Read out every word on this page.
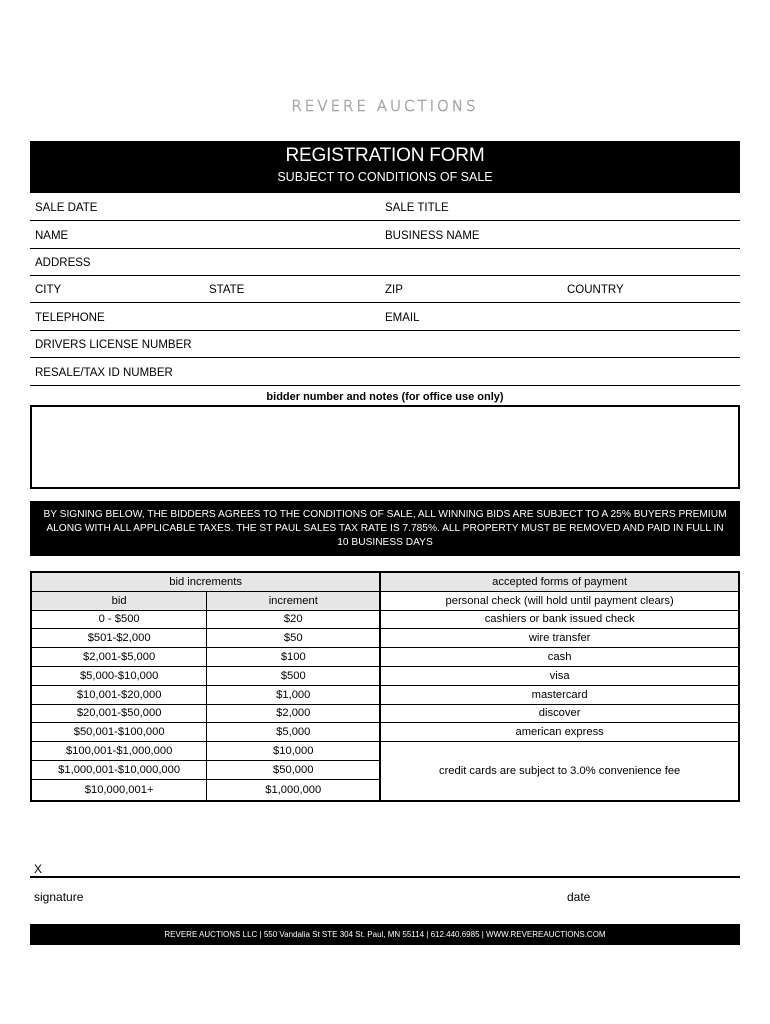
REVERE AUCTIONS
REGISTRATION FORM
SUBJECT TO CONDITIONS OF SALE
SALE DATE	SALE TITLE
NAME	BUSINESS NAME
ADDRESS
CITY	STATE	ZIP	COUNTRY
TELEPHONE	EMAIL
DRIVERS LICENSE NUMBER
RESALE/TAX ID NUMBER
bidder number and notes (for office use only)
BY SIGNING BELOW, THE BIDDERS AGREES TO THE CONDITIONS OF SALE, ALL WINNING BIDS ARE SUBJECT TO A 25% BUYERS PREMIUM ALONG WITH ALL APPLICABLE TAXES. THE ST PAUL SALES TAX RATE IS 7.785%. ALL PROPERTY MUST BE REMOVED AND PAID IN FULL IN 10 BUSINESS DAYS
bid increments		accepted forms of payment
bid	increment	personal check (will hold until payment clears)
0 - $500	$20	cashiers or bank issued check
$501-$2,000	$50	wire transfer
$2,001-$5,000	$100	cash
$5,000-$10,000	$500	visa
$10,001-$20,000	$1,000	mastercard
$20,001-$50,000	$2,000	discover
$50,001-$100,000	$5,000	american express
$100,001-$1,000,000	$10,000	credit cards are subject to 3.0% convenience fee
$1,000,001-$10,000,000	$50,000	
$10,000,001+	$1,000,000	
X
signature	date
REVERE AUCTIONS LLC | 550 Vandalia St STE 304 St. Paul, MN 55114 | 612.440.6985 | WWW.REVEREAUCTIONS.COM
